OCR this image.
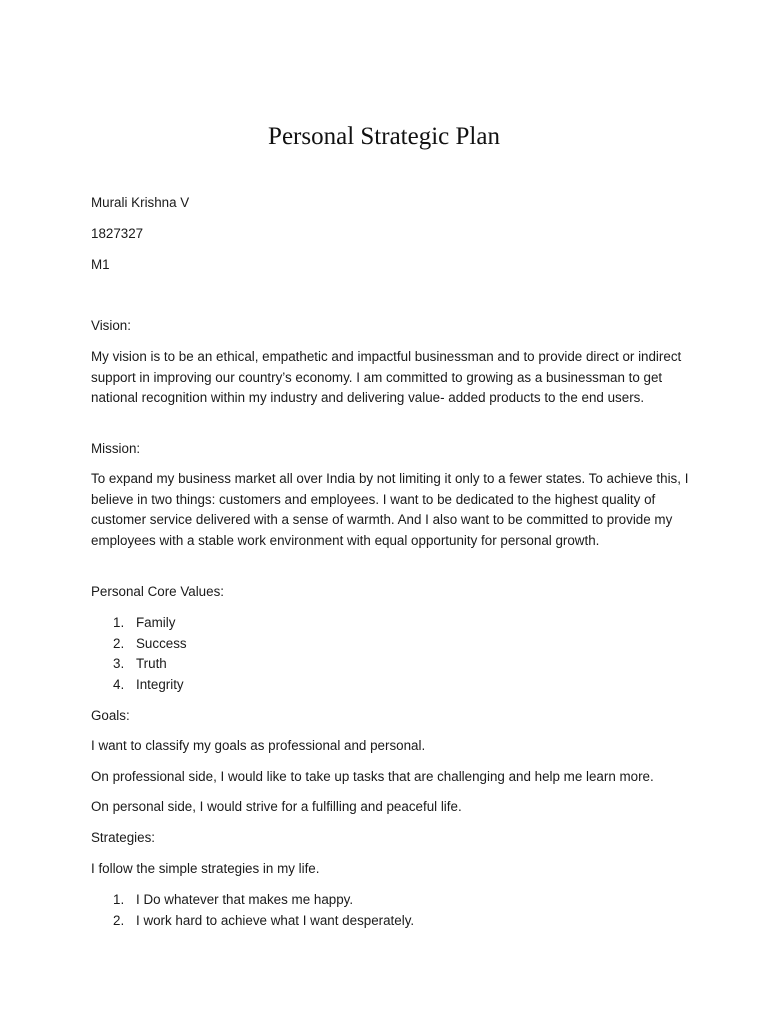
Personal Strategic Plan

Murali Krishna V

1827327

M1

Vision:

My vision is to be an ethical, empathetic and impactful businessman and to provide direct or indirect support in improving our country’s economy. I am committed to growing as a businessman to get national recognition within my industry and delivering value- added products to the end users.

Mission:

To expand my business market all over India by not limiting it only to a fewer states. To achieve this, I believe in two things: customers and employees. I want to be dedicated to the highest quality of customer service delivered with a sense of warmth. And I also want to be committed to provide my employees with a stable work environment with equal opportunity for personal growth.

Personal Core Values:

1. Family
2. Success
3. Truth
4. Integrity

Goals:

I want to classify my goals as professional and personal.

On professional side, I would like to take up tasks that are challenging and help me learn more.

On personal side, I would strive for a fulfilling and peaceful life.

Strategies:

I follow the simple strategies in my life.

1. I Do whatever that makes me happy.
2. I work hard to achieve what I want desperately.
